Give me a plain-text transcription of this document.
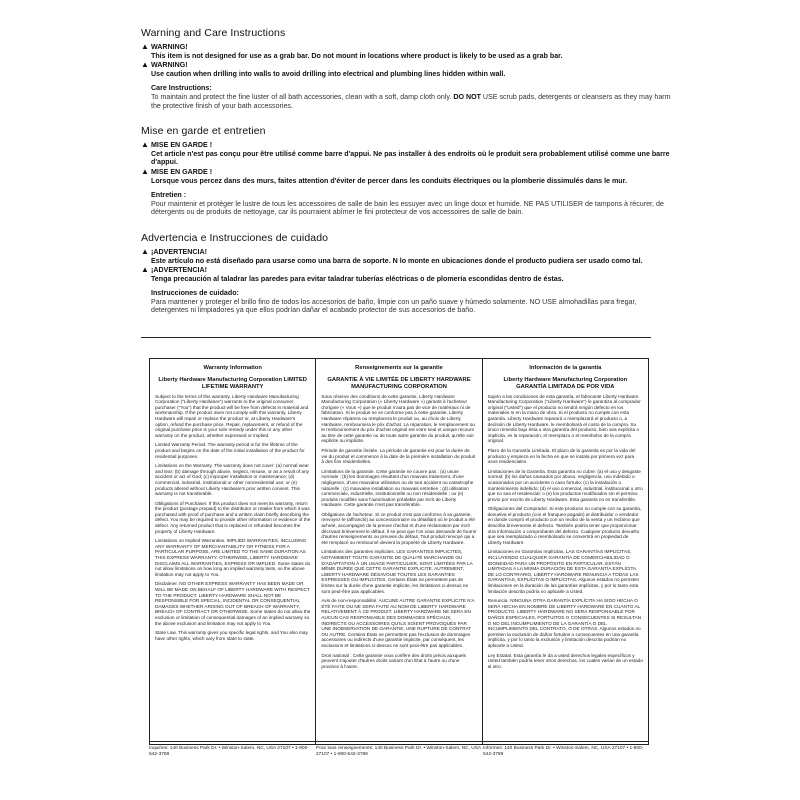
Warning and Care Instructions
▲ WARNING!
This item is not designed for use as a grab bar. Do not mount in locations where product is likely to be used as a grab bar.
▲ WARNING!
Use caution when drilling into walls to avoid drilling into electrical and plumbing lines hidden within wall.
Care Instructions:
To maintain and protect the fine luster of all bath accessories, clean with a soft, damp cloth only. DO NOT USE scrub pads, detergents or cleansers as they may harm the protective finish of your bath accessories.
Mise en garde et entretien
▲ MISE EN GARDE !
Cet article n'est pas conçu pour être utilisé comme barre d'appui. Ne pas installer à des endroits où le produit sera probablement utilisé comme une barre d'appui.
▲ MISE EN GARDE !
Lorsque vous percez dans des murs, faites attention d'éviter de percer dans les conduits électriques ou la plomberie dissimulés dans le mur.
Entretien :
Pour maintenir et protéger le lustre de tous les accessoires de salle de bain les essuyer avec un linge doux et humide. NE PAS UTILISER de tampons à récurer, de détergents ou de produits de nettoyage, car ils pourraient abîmer le fini protecteur de vos accessoires de salle de bain.
Advertencia e Instrucciones de cuidado
▲ ¡ADVERTENCIA!
Este artículo no está diseñado para usarse como una barra de soporte. N lo monte en ubicaciones donde el producto pudiera ser usado como tal.
▲ ¡ADVERTENCIA!
Tenga precaución al taladrar las paredes para evitar taladrar tuberías eléctricas o de plomería escondidas dentro de éstas.
Instrucciones de cuidado:
Para mantener y proteger el brillo fino de todos los accesorios de baño, limpie con un paño suave y húmedo solamente. NO USE almohadillas para fregar, detergentes ni limpiadores ya que ellos podrían dañar el acabado protector de sus accesorios de baño.
Warranty Information
Liberty Hardware Manufacturing Corporation LIMITED LIFETIME WARRANTY

Subject to the terms of this warranty, Liberty Hardware Manufacturing Corporation ("Liberty Hardware") warrants to the original consumer purchaser ("You") that the product will be free from defects in material and workmanship. If the product does not comply with this warranty, Liberty Hardware will repair or replace the product or, at Liberty Hardware's option, refund the purchase price. Repair, replacement, or refund of the original purchase price is your sole remedy under this or any other warranty on the product, whether expressed or implied.

Limited Warranty Period. The warranty period is for the lifetime of the product and begins on the date of the initial installation of the product for residential purposes.

Limitations on the Warranty. The warranty does not cover: (a) normal wear and tear; (b) damage through abuse, neglect, misuse, or as a result of any accident or act of God; (c) improper installation or maintenance; (d) commercial, industrial, institutional or other nonresidential use; or (e) products altered without Liberty Hardware's prior written consent. This warranty is not transferable.

Obligations of Purchaser. If this product does not meet its warranty, return the product (postage prepaid) to the distributor or retailer from which it was purchased with proof of purchase and a written claim briefly describing the defect. You may be required to provide other information or evidence of the defect. Any returned product that is replaced or refunded becomes the property of Liberty Hardware.

Limitations on Implied Warranties. IMPLIED WARRANTIES, INCLUDING ANY WARRANTY OF MERCHANTABILITY OR FITNESS FOR A PARTICULAR PURPOSE, ARE LIMITED TO THE SAME DURATION AS THIS EXPRESS WARRANTY. OTHERWISE, LIBERTY HARDWARE DISCLAIMS ALL WARRANTIES, EXPRESS OR IMPLIED. Some states do not allow limitations on how long an implied warranty lasts, so the above limitation may not apply to You.

Disclaimer. NO OTHER EXPRESS WARRANTY HAS BEEN MADE OR WILL BE MADE ON BEHALF OF LIBERTY HARDWARE WITH RESPECT TO THE PRODUCT. LIBERTY HARDWARE SHALL NOT BE RESPONSIBLE FOR SPECIAL, INCIDENTAL OR CONSEQUENTIAL DAMAGES WHETHER ARISING OUT OF BREACH OF WARRANTY, BREACH OF CONTRACT OR OTHERWISE. Some states do not allow the exclusion or limitation of consequential damages of an implied warranty so the above exclusion and limitation may not apply to You.

State Law. This warranty gives you specific legal rights, and You also may have other rights, which vary from state to state.

Renseignements sur la garantie
GARANTIE À VIE LIMITÉE DE LIBERTY HARDWARE MANUFACTURING CORPORATION

Sous réserve des conditions de cette garantie, Liberty Hardware Manufacturing Corporation (« Liberty Hardware ») garantit à l'acheteur d'origine (« Vous ») que le produit n'aura pas de vice de matériaux ni de fabrication. Si le produit ne se conforme pas à cette garantie, Liberty Hardware réparera ou remplacera le produit ou, au choix de Liberty Hardware, remboursera le prix d'achat. La réparation, le remplacement ou le remboursement du prix d'achat original est votre seul et unique recours au titre de cette garantie ou de toute autre garantie du produit, qu'elle soit explicite ou implicite.

Période de garantie limitée. La période de garantie est pour la durée de vie du produit et commence à la date de la première installation du produit à des fins résidentielles.

Limitations de la garantie. Cette garantie ne couvre pas : (a) usure normale ; (b) les dommages résultant d'un mauvais traitement, d'une négligence, d'une mauvaise utilisation ou de tout accident ou catastrophe naturelle ; (c) mauvaise installation ou mauvais entretien ; (d) utilisation commerciale, industrielle, institutionnelle ou non résidentielle ; ou (e) produits modifiés sans l'autorisation préalable par écrit de Liberty Hardware. Cette garantie n'est pas transférable.

Obligations de l'acheteur. Si ce produit n'est pas conforme à sa garantie, renvoyez-le (affranchi) au concessionnaire ou détaillant où le produit a été acheté, accompagné de la preuve d'achat et d'une réclamation par écrit décrivant brièvement le défaut. Il se peut que l'on vous demande de fournir d'autres renseignements ou preuves du défaut. Tout produit renvoyé qui a été remplacé ou remboursé devient la propriété de Liberty Hardware.

Limitations des garanties implicites. LES GARANTIES IMPLICITES, NOTAMMENT TOUTE GARANTIE DE QUALITÉ MARCHANDE OU D'ADAPTATION À UN USAGE PARTICULIER, SONT LIMITÉES PAR LA MÊME DURÉE QUE CETTE GARANTIE EXPLICITE. AUTREMENT, LIBERTY HARDWARE DÉSAVOUE TOUTES LES GARANTIES EXPRESSES OU IMPLICITES. Certains États ne permettent pas de limites sur la durée d'une garantie implicite, les limitations ci-dessus ne sont peut-être pas applicables.

Avis de non-responsabilité. AUCUNE AUTRE GARANTIE EXPLICITE N'A ÉTÉ FAITE OU NE SERA FAITE AU NOM DE LIBERTY HARDWARE RELATIVEMENT À CE PRODUIT. LIBERTY HARDWARE NE SERA EN AUCUN CAS RESPONSABLE DES DOMMAGES SPÉCIAUX, INDIRECTS OU ACCESSOIRES QU'ILS SOIENT PROVOQUÉS PAR UNE INOBSERVATION DE GARANTIE, UNE RUPTURE DE CONTRAT OU AUTRE. Certains États ne permettent pas l'exclusion de dommages accessoires ou indirects d'une garantie implicite, par conséquent, les exclusions et limitations ci-dessus ne sont peut-être pas applicables.

Droit national : Cette garantie vous confère des droits précis auxquels peuvent s'ajouter d'autres droits variant d'un État à l'autre ou d'une province à l'autre.

Información de la garantía
Liberty Hardware Manufacturing Corporation GARANTÍA LIMITADA DE POR VIDA

Sujeto a las condiciones de esta garantía, el fabricante Liberty Hardware Manufacturing Corporation ("Liberty Hardware") le garantiza al comprador original ("Usted") que el producto no tendrá ningún defecto en los materiales ni en la mano de obra. Si el producto no cumple con esta garantía, Liberty Hardware reparará o reemplazará el producto o, a decisión de Liberty Hardware, le reembolsará el costo de la compra. Su único remedio bajo ésta u otra garantía del producto, bien sea explícita o implícita, es la reparación, el reemplazo o el reembolso de la compra original.

Plazo de la Garantía Limitada. El plazo de la garantía es por la vida del producto y empieza en la fecha en que se instala por primera vez para usos residenciales.

Limitaciones de la Garantía. Esta garantía no cubre: (a) el uso y desgaste normal; (b) los daños causados por abuso, negligencia, uso indebido u ocasionados por un accidente o caso fortuito; (c) la instalación o mantenimiento indebido; (d) el uso comercial, industrial, institucional u otro que no sea el residencial; o (e) los productos modificados sin el permiso previo por escrito de Liberty Hardware. Esta garantía no es transferible.

Obligaciones del Comprador. Si este producto no cumple con su garantía, devuelva el producto (con el franqueo pagado) al distribuidor o vendedor en donde compró el producto con un recibo de la venta y un reclamo que describa brevemente el defecto. También podría tener que proporcionar otra información o comprobante del defecto. Cualquier producto devuelto que sea reemplazado o reembolsado se convertirá en propiedad de Liberty Hardware.

Limitaciones en Garantías Implícitas. LAS GARANTÍAS IMPLÍCITAS, INCLUYENDO CUALQUIER GARANTÍA DE COMERCIABILIDAD O IDONEIDAD PARA UN PROPÓSITO EN PARTICULAR, ESTÁN LIMITADAS A LA MISMA DURACIÓN DE ESTA GARANTÍA EXPLÍCITA. DE LO CONTRARIO, LIBERTY HARDWARE RENUNCIA A TODAS LAS GARANTÍAS, EXPLÍCITAS O IMPLÍCITAS. Algunos estados no permiten limitaciones en la duración de las garantías implícitas, y por lo tanto esta limitación descrita podría no aplicarle a Usted.

Renuncia. NINGUNA OTRA GARANTÍA EXPLÍCITA HA SIDO HECHA O SERÁ HECHA EN NOMBRE DE LIBERTY HARDWARE EN CUANTO AL PRODUCTO. LIBERTY HARDWARE NO SERÁ RESPONSABLE POR DAÑOS ESPECIALES, FORTUITOS O CONSECUENTES SI RESULTAN O NO DEL INCUMPLIMIENTO DE LA GARANTÍA O DEL INCUMPLIMIENTO DEL CONTRATO, O DE OTRAS. Algunos estados no permiten la exclusión de daños fortuitos o consecuentes en una garantía implícita, y por lo tanto la exclusión y limitación descrita podrían no aplicarle a Usted.

Ley Estatal. Esta garantía le da a usted derechos legales específicos y Usted también podría tener otros derechos, los cuales varían de un estado al otro.

Inquiries: 140 Business Park Dr. • Winston-Salem, NC, USA 27107 • 1-800-542-3789
Pour tous renseignements: 140 Business Park Dr. • Winston-Salem, NC, USA 27107 • 1-800-542-3789
Informes: 140 Business Park Dr. • Winston-Salem, NC, USA 27107 • 1-800-542-3789
